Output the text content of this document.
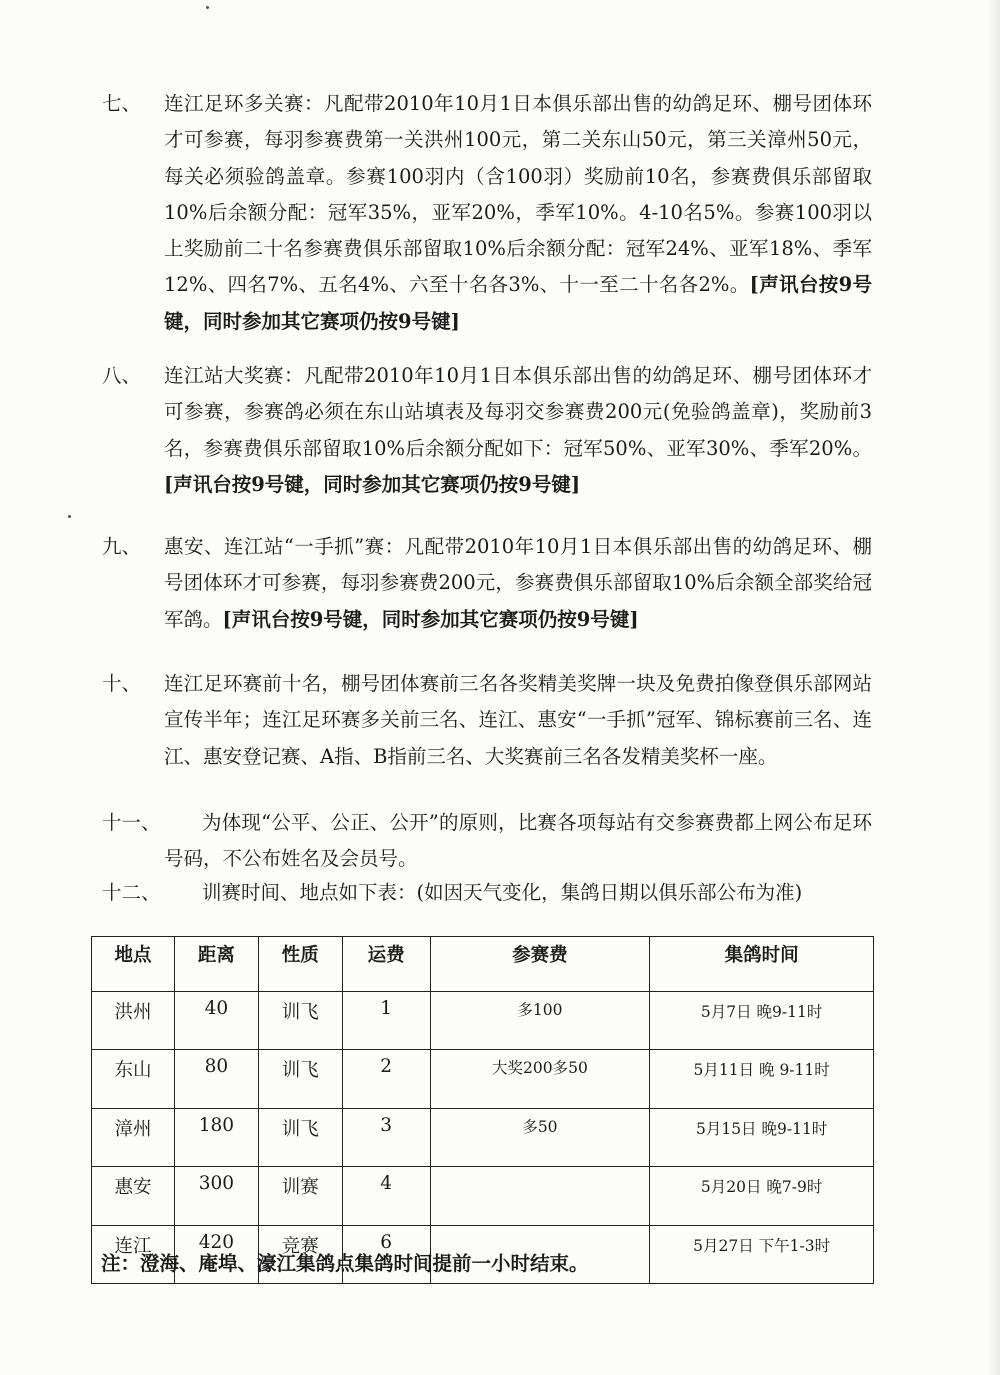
七、 连江足环多关赛：凡配带2010年10月1日本俱乐部出售的幼鸽足环、棚号团体环才可参赛，每羽参赛费第一关洪州100元，第二关东山50元，第三关漳州50元，每关必须验鸽盖章。参赛100羽内（含100羽）奖励前10名，参赛费俱乐部留取10%后余额分配：冠军35%，亚军20%，季军10%。4-10名5%。参赛100羽以上奖励前二十名参赛费俱乐部留取10%后余额分配：冠军24%、亚军18%、季军12%、四名7%、五名4%、六至十名各3%、十一至二十名各2%。[声讯台按9号键，同时参加其它赛项仍按9号键]
八、 连江站大奖赛：凡配带2010年10月1日本俱乐部出售的幼鸽足环、棚号团体环才可参赛，参赛鸽必须在东山站填表及每羽交参赛费200元(免验鸽盖章)，奖励前3名，参赛费俱乐部留取10%后余额分配如下：冠军50%、亚军30%、季军20%。[声讯台按9号键，同时参加其它赛项仍按9号键]
九、 惠安、连江站“一手抓”赛：凡配带2010年10月1日本俱乐部出售的幼鸽足环、棚号团体环才可参赛，每羽参赛费200元，参赛费俱乐部留取10%后余额全部奖给冠军鸽。[声讯台按9号键，同时参加其它赛项仍按9号键]
十、 连江足环赛前十名，棚号团体赛前三名各奖精美奖牌一块及免费拍像登俱乐部网站宣传半年；连江足环赛多关前三名、连江、惠安“一手抓”冠军、锦标赛前三名、连江、惠安登记赛、A指、B指前三名、大奖赛前三名各发精美奖杯一座。
十一、	为体现“公平、公正、公开”的原则，比赛各项每站有交参赛费都上网公布足环号码，不公布姓名及会员号。
十二、	训赛时间、地点如下表：(如因天气变化，集鸽日期以俱乐部公布为准)
地点	距离	性质	运费	参赛费	集鸽时间
洪州	40	训飞	1	多100	5月7日 晚9-11时
东山	80	训飞	2	大奖200多50	5月11日 晚 9-11时
漳州	180	训飞	3	多50	5月15日 晚9-11时
惠安	300	训赛	4		5月20日 晚7-9时
连江	420	竞赛	6		5月27日 下午1-3时
注：澄海、庵埠、濠江集鸽点集鸽时间提前一小时结束。
